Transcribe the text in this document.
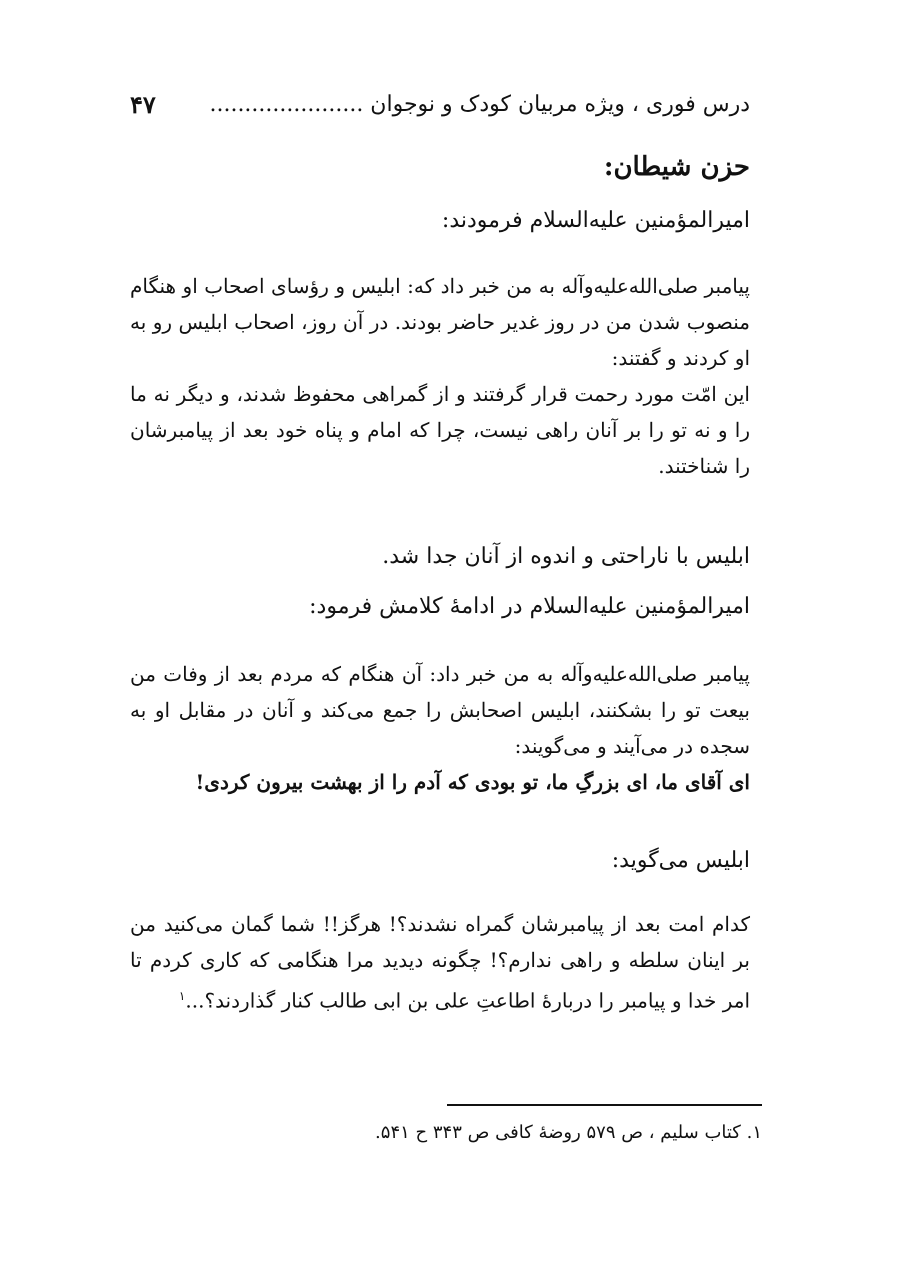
درس فوری ، ویژه مربیان کودک و نوجوان ......................
۴۷
حزن شیطان:
امیرالمؤمنین علیه‌السلام فرمودند:

پیامبر صلی‌الله‌علیه‌وآله به من خبر داد که: ابلیس و رؤسای اصحاب او هنگام منصوب شدن من در روز غدیر حاضر بودند. در آن روز، اصحاب ابلیس رو به او کردند و گفتند:

این امّت مورد رحمت قرار گرفتند و از گمراهی محفوظ شدند، و دیگر نه ما را و نه تو را بر آنان راهی نیست، چرا که امام و پناه خود بعد از پیامبرشان را شناختند.

ابلیس با ناراحتی و اندوه از آنان جدا شد.
امیرالمؤمنین علیه‌السلام در ادامهٔ کلامش فرمود:

پیامبر صلی‌الله‌علیه‌وآله به من خبر داد: آن هنگام که مردم بعد از وفات من بیعت تو را بشکنند، ابلیس اصحابش را جمع می‌کند و آنان در مقابل او به سجده در می‌آیند و می‌گویند:

ای آقای ما، ای بزرگِ ما، تو بودی که آدم را از بهشت بیرون کردی!

ابلیس می‌گوید:

کدام امت بعد از پیامبرشان گمراه نشدند؟! هرگز!! شما گمان می‌کنید من بر اینان سلطه و راهی ندارم؟! چگونه دیدید مرا هنگامی که کاری کردم تا امر خدا و پیامبر را دربارهٔ اطاعتِ علی بن ابی طالب کنار گذاردند؟...$^۱$

۱. کتاب سلیم ، ص ۵۷۹ روضهٔ کافی ص ۳۴۳ ح ۵۴۱.
